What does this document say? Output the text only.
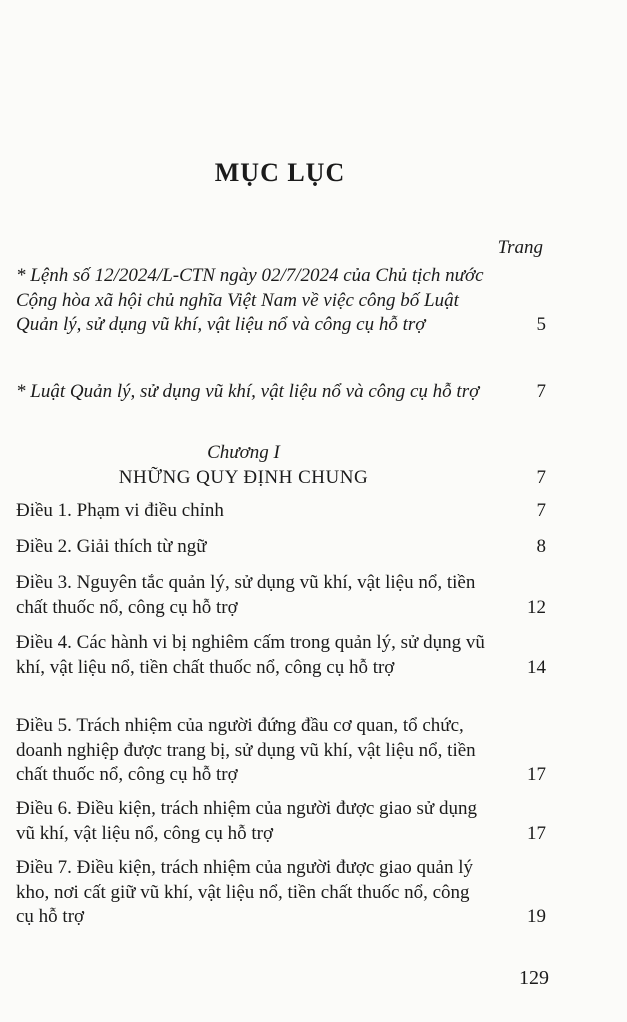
MỤC LỤC
Trang
* Lệnh số 12/2024/L-CTN ngày 02/7/2024 của Chủ tịch nước Cộng hòa xã hội chủ nghĩa Việt Nam về việc công bố Luật Quản lý, sử dụng vũ khí, vật liệu nổ và công cụ hỗ trợ	5
* Luật Quản lý, sử dụng vũ khí, vật liệu nổ và công cụ hỗ trợ	7
Chương I
NHỮNG QUY ĐỊNH CHUNG	7
Điều 1. Phạm vi điều chỉnh	7
Điều 2. Giải thích từ ngữ	8
Điều 3. Nguyên tắc quản lý, sử dụng vũ khí, vật liệu nổ, tiền chất thuốc nổ, công cụ hỗ trợ	12
Điều 4. Các hành vi bị nghiêm cấm trong quản lý, sử dụng vũ khí, vật liệu nổ, tiền chất thuốc nổ, công cụ hỗ trợ	14
Điều 5. Trách nhiệm của người đứng đầu cơ quan, tổ chức, doanh nghiệp được trang bị, sử dụng vũ khí, vật liệu nổ, tiền chất thuốc nổ, công cụ hỗ trợ	17
Điều 6. Điều kiện, trách nhiệm của người được giao sử dụng vũ khí, vật liệu nổ, công cụ hỗ trợ	17
Điều 7. Điều kiện, trách nhiệm của người được giao quản lý kho, nơi cất giữ vũ khí, vật liệu nổ, tiền chất thuốc nổ, công cụ hỗ trợ	19
129
